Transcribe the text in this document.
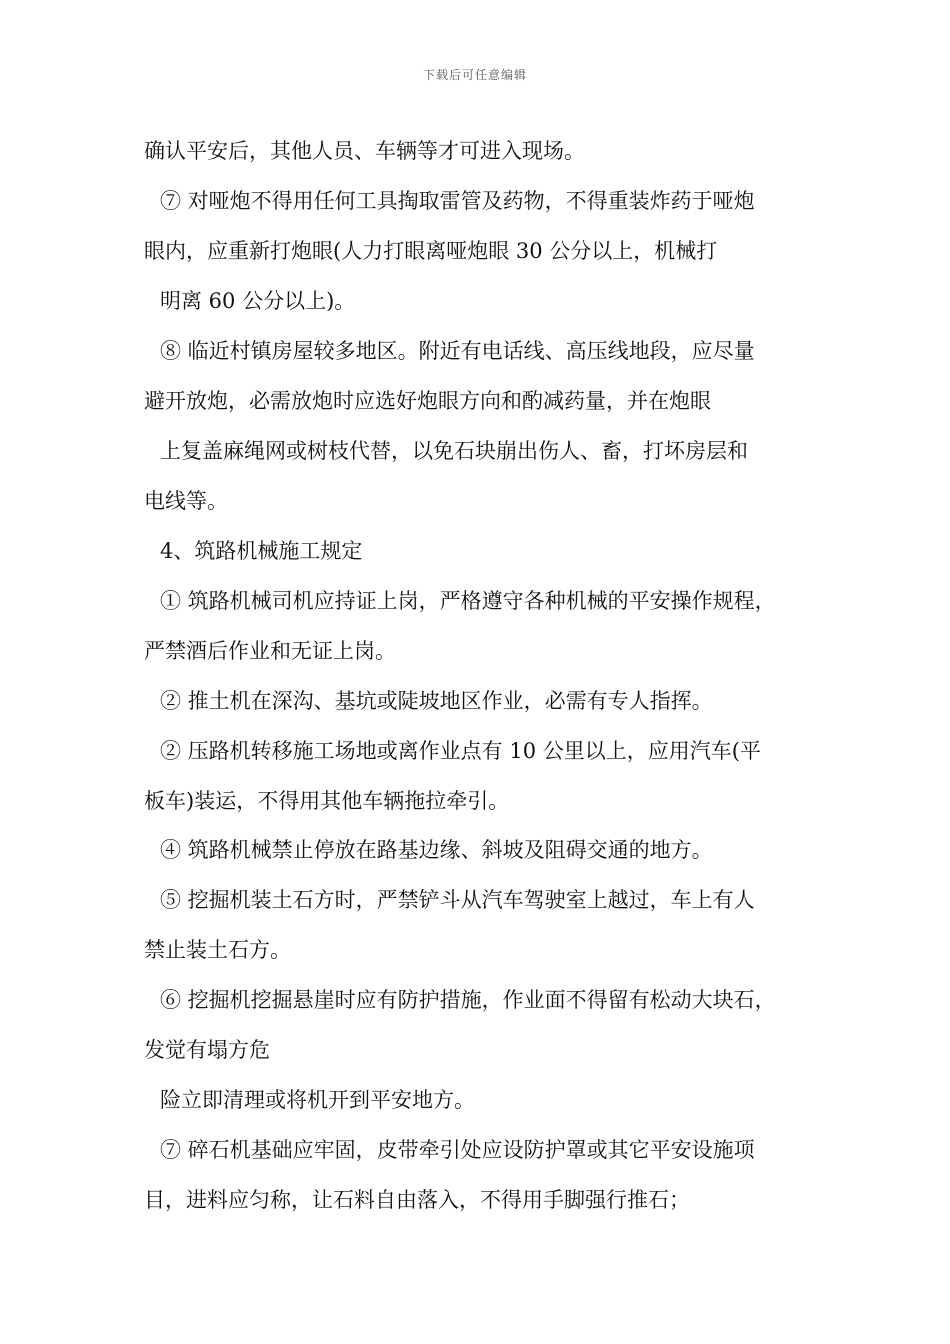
下载后可任意编辑
确认平安后，其他人员、车辆等才可进入现场。
⑦ 对哑炮不得用任何工具掏取雷管及药物，不得重装炸药于哑炮
眼内，应重新打炮眼(人力打眼离哑炮眼 30 公分以上，机械打
明离 60 公分以上)。
⑧ 临近村镇房屋较多地区。附近有电话线、高压线地段，应尽量
避开放炮，必需放炮时应选好炮眼方向和酌减药量，并在炮眼
上复盖麻绳网或树枝代替，以免石块崩出伤人、畜，打坏房层和
电线等。
4、筑路机械施工规定
① 筑路机械司机应持证上岗，严格遵守各种机械的平安操作规程，
严禁酒后作业和无证上岗。
② 推土机在深沟、基坑或陡坡地区作业，必需有专人指挥。
② 压路机转移施工场地或离作业点有 10 公里以上，应用汽车(平
板车)装运，不得用其他车辆拖拉牵引。
④ 筑路机械禁止停放在路基边缘、斜坡及阻碍交通的地方。
⑤ 挖掘机装土石方时，严禁铲斗从汽车驾驶室上越过，车上有人
禁止装土石方。
⑥ 挖掘机挖掘悬崖时应有防护措施，作业面不得留有松动大块石，
发觉有塌方危
险立即清理或将机开到平安地方。
⑦ 碎石机基础应牢固，皮带牵引处应设防护罩或其它平安设施项
目，进料应匀称，让石料自由落入，不得用手脚强行推石；
